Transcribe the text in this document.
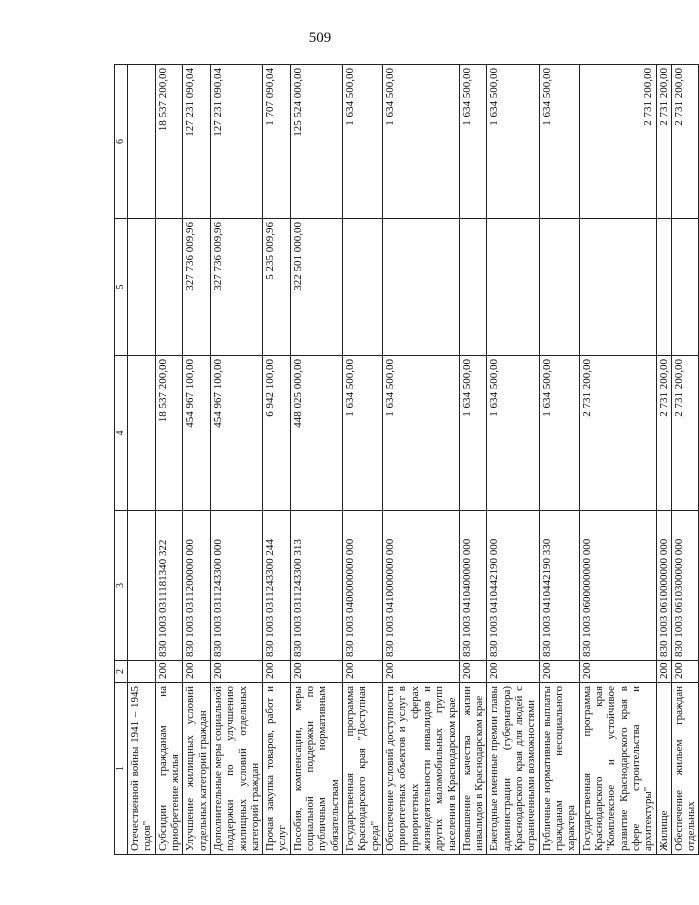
509
1	2	3	4	5	6
Отечественной войны 1941 – 1945 годов"					
Субсидии гражданам на приобретение жилья	200	830 1003 0311181340 322	18 537 200,00		18 537 200,00
Улучшение жилищных условий отдельных категорий граждан	200	830 1003 0311200000 000	454 967 100,00	327 736 009,96	127 231 090,04
Дополнительные меры социальной поддержки по улучшению жилищных условий отдельных категорий граждан	200	830 1003 0311243300 000	454 967 100,00	327 736 009,96	127 231 090,04
Прочая закупка товаров, работ и услуг	200	830 1003 0311243300 244	6 942 100,00	5 235 009,96	1 707 090,04
Пособия, компенсации, меры социальной поддержки по публичным нормативным обязательствам	200	830 1003 0311243300 313	448 025 000,00	322 501 000,00	125 524 000,00
Государственная программа Краснодарского края "Доступная среда"	200	830 1003 0400000000 000	1 634 500,00		1 634 500,00
Обеспечение условий доступности приоритетных объектов и услуг в приоритетных сферах жизнедеятельности инвалидов и других маломобильных групп населения в Краснодарском крае	200	830 1003 0410000000 000	1 634 500,00		1 634 500,00
Повышение качества жизни инвалидов в Краснодарском крае	200	830 1003 0410400000 000	1 634 500,00		1 634 500,00
Ежегодные именные премии главы администрации (губернатора) Краснодарского края для людей с ограниченными возможностями	200	830 1003 0410442190 000	1 634 500,00		1 634 500,00
Публичные нормативные выплаты гражданам несоциального характера	200	830 1003 0410442190 330	1 634 500,00		1 634 500,00
Государственная программа Краснодарского края "Комплексное и устойчивое развитие Краснодарского края в сфере строительства и архитектуры"	200	830 1003 0600000000 000	2 731 200,00		2 731 200,00
Жилище	200	830 1003 0610000000 000	2 731 200,00		2 731 200,00
Обеспечение жильем граждан отдельных	200	830 1003 0610300000 000	2 731 200,00		2 731 200,00
